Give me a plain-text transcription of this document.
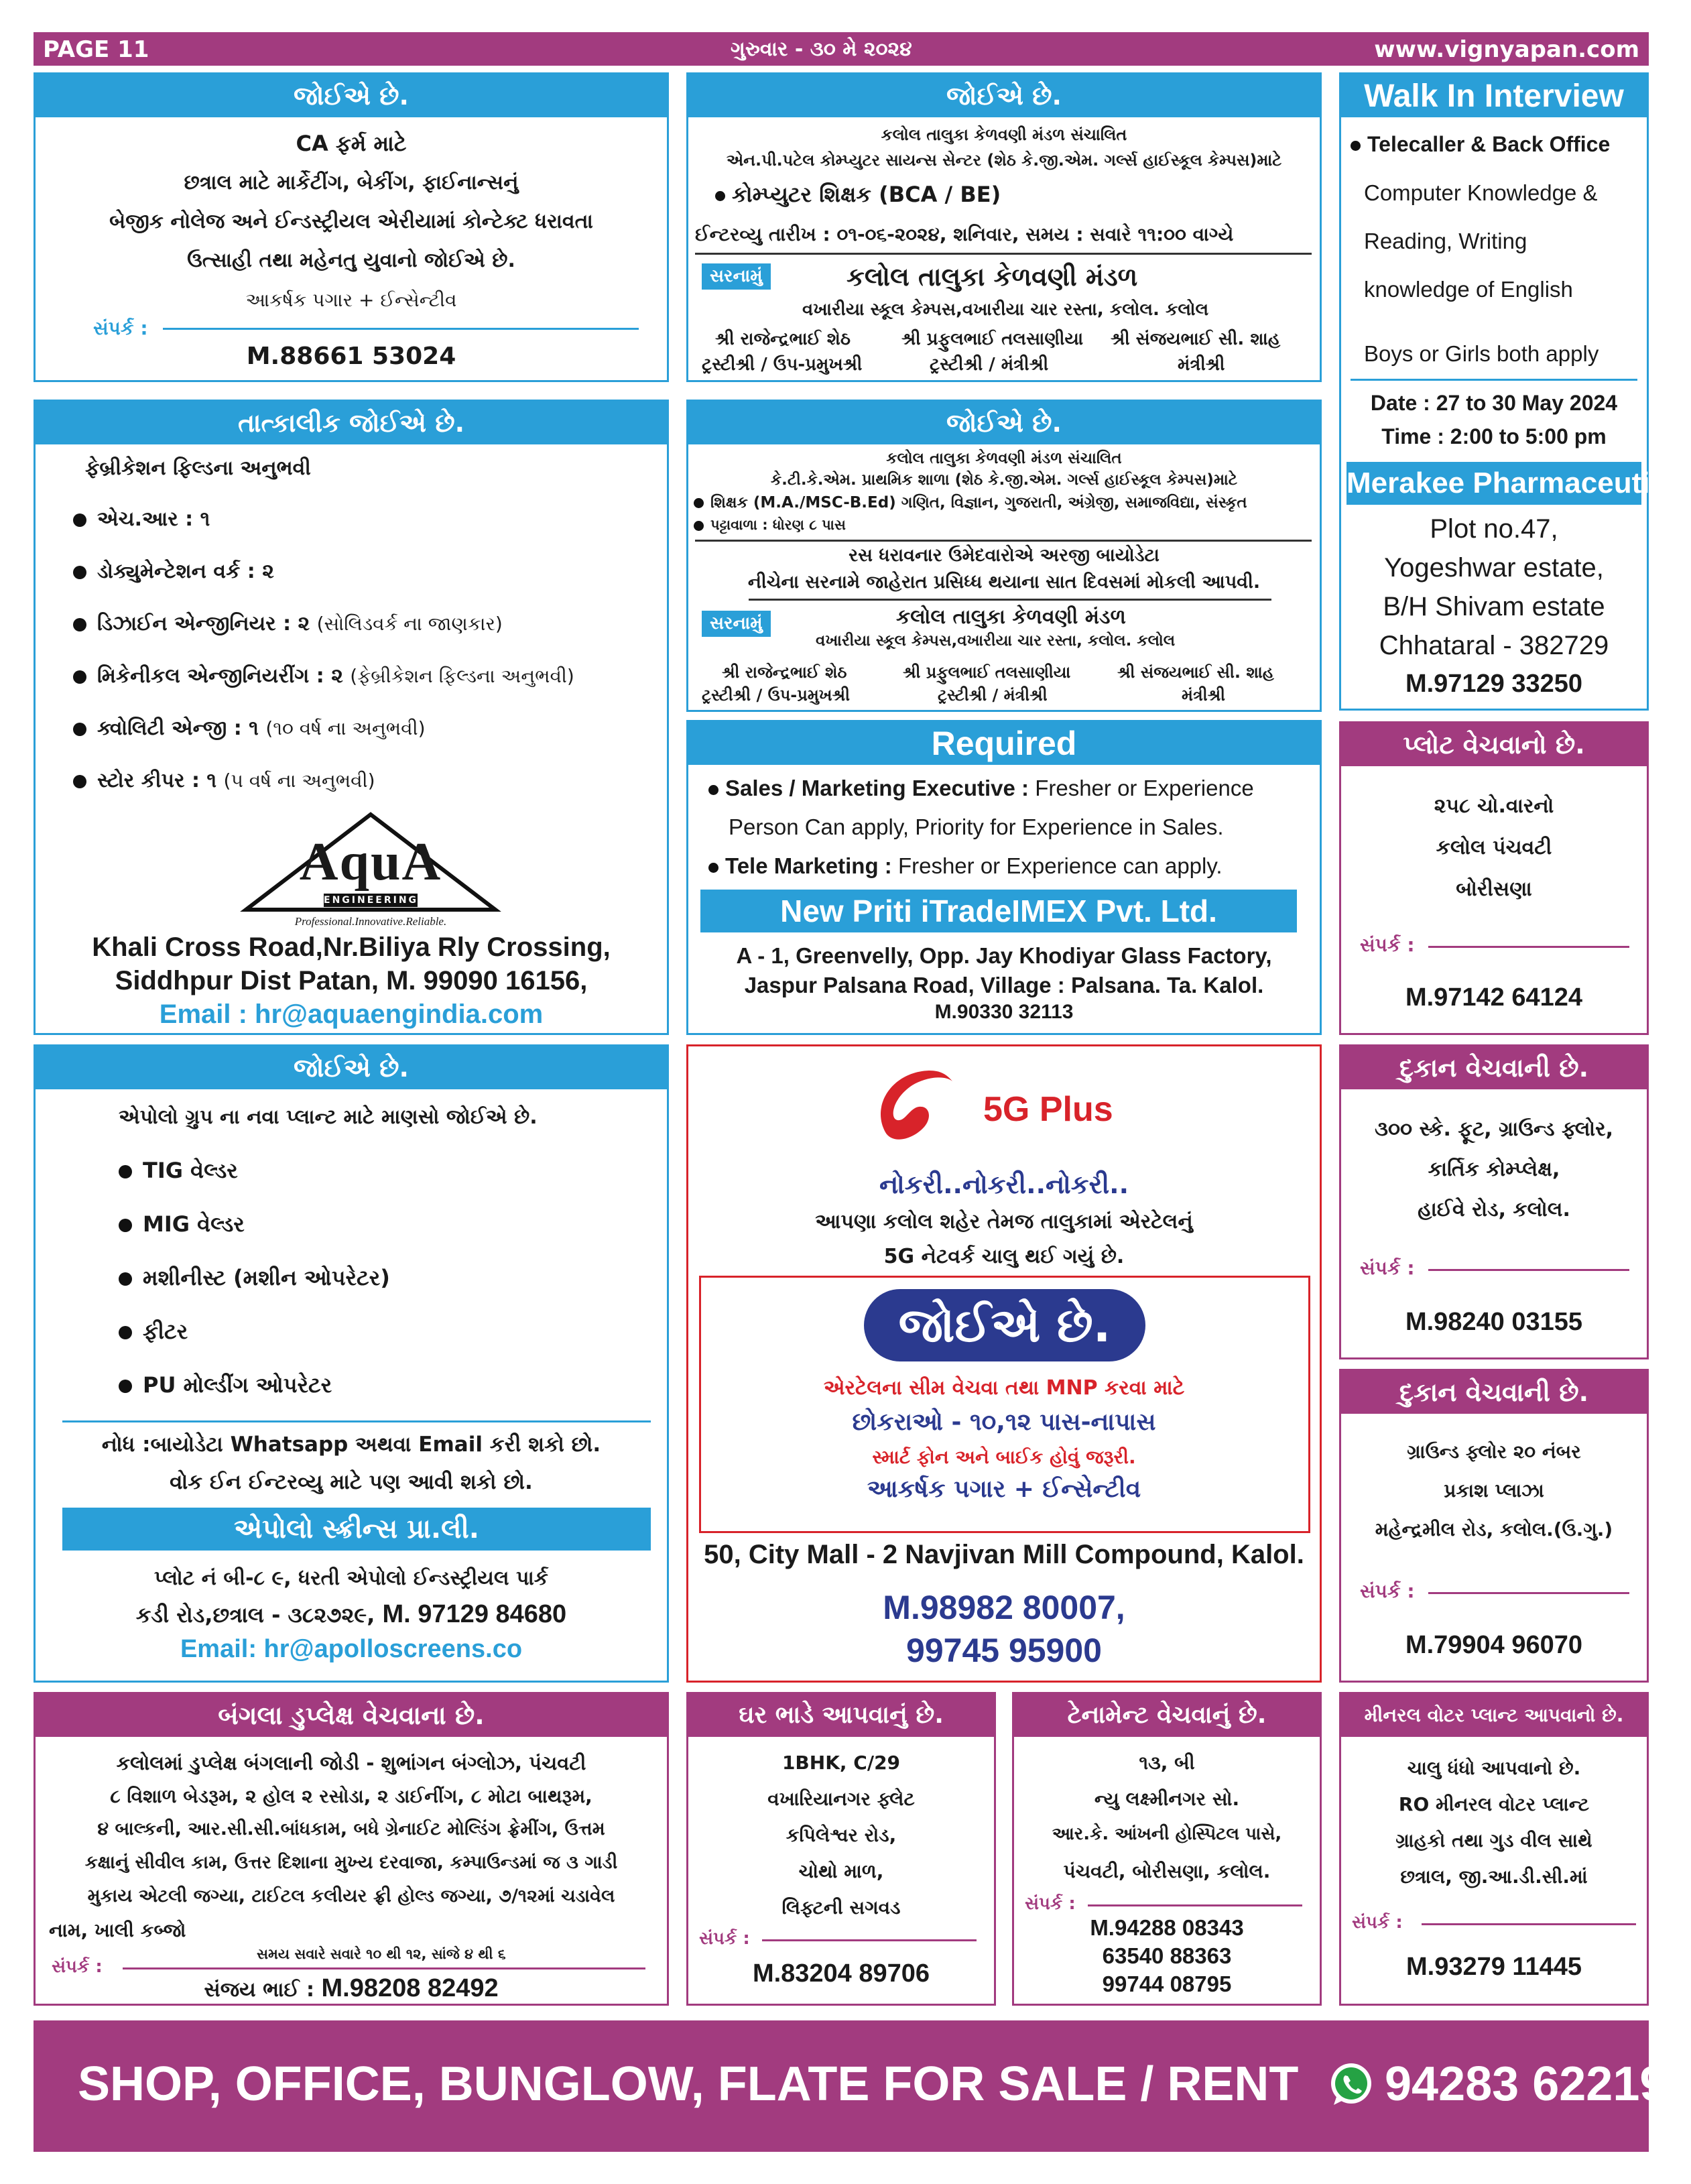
PAGE 11	ગુરુવાર - ૩૦ મે ૨૦૨૪	www.vignyapan.com
જોઈએ છે.
CA ફર્મ માટે
છત્રાલ માટે માર્કેટીંગ, બેકીંગ, ફાઈનાન્સનું
બેજીક નોલેજ અને ઈન્ડસ્ટ્રીયલ એરીયામાં કોન્ટેક્ટ ધરાવતા
ઉત્સાહી તથા મહેનતુ યુવાનો જોઈએ છે.
આકર્ષક પગાર + ઈન્સેન્ટીવ
સંપર્ક :
M.88661 53024
જોઈએ છે.
કલોલ તાલુકા કેળવણી મંડળ સંચાલિત
એન.પી.પટેલ કોમ્પ્યુટર સાયન્સ સેન્ટર (શેઠ કે.જી.એમ. ગર્લ્સ હાઈસ્કૂલ કેમ્પસ)માટે
કોમ્પ્યુટર શિક્ષક (BCA / BE)
ઈન્ટરવ્યુ તારીખ : ૦૧-૦૬-૨૦૨૪, શનિવાર, સમય : સવારે ૧૧:૦૦ વાગ્યે
સરનામું	કલોલ તાલુકા કેળવણી મંડળ
વખારીયા સ્કૂલ કેમ્પસ,વખારીયા ચાર રસ્તા, કલોલ. કલોલ
શ્રી રાજેન્દ્રભાઈ શેઠ
ટ્રસ્ટીશ્રી / ઉપ-પ્રમુખશ્રી
શ્રી પ્રફુલભાઈ તલસાણીયા
ટ્રસ્ટીશ્રી / મંત્રીશ્રી
શ્રી સંજયભાઈ સી. શાહ
મંત્રીશ્રી
Walk In Interview
Telecaller & Back Office
Computer Knowledge &
Reading, Writing
knowledge of English
Boys or Girls both apply
Date : 27 to 30 May 2024
Time : 2:00 to 5:00 pm
Merakee Pharmaceutical
Plot no.47,
Yogeshwar estate,
B/H Shivam estate
Chhataral - 382729
M.97129 33250
તાત્કાલીક જોઈએ છે.
ફેબ્રીકેશન ફિલ્ડના અનુભવી
એચ.આર : ૧
ડોક્યુમેન્ટેશન વર્ક : ૨
ડિઝાઈન એન્જીનિયર : ૨ (સોલિડવર્ક ના જાણકાર)
મિકેનીકલ એન્જીનિયરીંગ : ૨ (ફેબ્રીકેશન ફિલ્ડના અનુભવી)
ક્વોલિટી એન્જી : ૧ (૧૦ વર્ષ ના અનુભવી)
સ્ટોર કીપર : ૧ (૫ વર્ષ ના અનુભવી)
AquA
ENGINEERING
Professional.Innovative.Reliable.
Khali Cross Road,Nr.Biliya Rly Crossing,
Siddhpur Dist Patan, M. 99090 16156,
Email : hr@aquaengindia.com
જોઈએ છે.
કલોલ તાલુકા કેળવણી મંડળ સંચાલિત
કે.ટી.કે.એમ. પ્રાથમિક શાળા (શેઠ કે.જી.એમ. ગર્લ્સ હાઈસ્કૂલ કેમ્પસ)માટે
શિક્ષક (M.A./MSC-B.Ed) ગણિત, વિજ્ઞાન, ગુજરાતી, અંગ્રેજી, સમાજવિદ્યા, સંસ્કૃત
પટ્ટાવાળા : ધોરણ ૮ પાસ
રસ ધરાવનાર ઉમેદવારોએ અરજી બાયોડેટા
નીચેના સરનામે જાહેરાત પ્રસિધ્ધ થયાના સાત દિવસમાં મોકલી આપવી.
સરનામું	કલોલ તાલુકા કેળવણી મંડળ
વખારીયા સ્કૂલ કેમ્પસ,વખારીયા ચાર રસ્તા, કલોલ. કલોલ
શ્રી રાજેન્દ્રભાઈ શેઠ
ટ્રસ્ટીશ્રી / ઉપ-પ્રમુખશ્રી
શ્રી પ્રફુલભાઈ તલસાણીયા
ટ્રસ્ટીશ્રી / મંત્રીશ્રી
શ્રી સંજયભાઈ સી. શાહ
મંત્રીશ્રી
Required
Sales / Marketing Executive : Fresher or Experience
Person Can apply, Priority for Experience in Sales.
Tele Marketing : Fresher or Experience can apply.
New Priti iTradeIMEX Pvt. Ltd.
A - 1, Greenvelly, Opp. Jay Khodiyar Glass Factory,
Jaspur Palsana Road, Village : Palsana. Ta. Kalol.
M.90330 32113
પ્લોટ વેચવાનો છે.
૨૫૮ ચો.વારનો
કલોલ પંચવટી
બોરીસણા
સંપર્ક :
M.97142 64124
જોઈએ છે.
એપોલો ગ્રુપ ના નવા પ્લાન્ટ માટે માણસો જોઈએ છે.
TIG વેલ્ડર
MIG વેલ્ડર
મશીનીસ્ટ (મશીન ઓપરેટર)
ફીટર
PU મોલ્ડીંગ ઓપરેટર
નોધ :બાયોડેટા Whatsapp અથવા Email કરી શકો છો.
વોક ઈન ઈન્ટરવ્યુ માટે પણ આવી શકો છો.
એપોલો સ્ક્રીન્સ પ્રા.લી.
પ્લોટ નં બી-૮ ૯, ધરતી એપોલો ઈન્ડસ્ટ્રીયલ પાર્ક
કડી રોડ,છત્રાલ - ૩૮૨૭૨૯, M. 97129 84680
Email: hr@apolloscreens.co
5G Plus
નોકરી..નોકરી..નોકરી..
આપણા કલોલ શહેર તેમજ તાલુકામાં એરટેલનું
5G નેટવર્ક ચાલુ થઈ ગયું છે.
જોઈએ છે.
એરટેલના સીમ વેચવા તથા MNP કરવા માટે
છોકરાઓ - ૧૦,૧૨ પાસ-નાપાસ
સ્માર્ટ ફોન અને બાઈક હોવું જરૂરી.
આકર્ષક પગાર + ઈન્સેન્ટીવ
50, City Mall - 2 Navjivan Mill Compound, Kalol.
M.98982 80007,
99745 95900
દુકાન વેચવાની છે.
૩૦૦ સ્કે. ફૂટ, ગ્રાઉન્ડ ફ્લોર,
કાર્તિક કોમ્પ્લેક્ષ,
હાઈવે રોડ, કલોલ.
સંપર્ક :
M.98240 03155
દુકાન વેચવાની છે.
ગ્રાઉન્ડ ફ્લોર ૨૦ નંબર
પ્રકાશ પ્લાઝા
મહેન્દ્રમીલ રોડ, કલોલ.(ઉ.ગુ.)
સંપર્ક :
M.79904 96070
બંગલા ડુપ્લેક્ષ વેચવાના છે.
કલોલમાં ડુપ્લેક્ષ બંગલાની જોડી - શુભાંગન બંગ્લોઝ, પંચવટી
૮ વિશાળ બેડરૂમ, ૨ હોલ ૨ રસોડા, ૨ ડાઈનીંગ, ૮ મોટા બાથરૂમ,
૪ બાલ્કની, આર.સી.સી.બાંધકામ, બધે ગ્રેનાઈટ મોલ્ડિંગ ફ્રેમીંગ, ઉત્તમ
કક્ષાનું સીવીલ કામ, ઉત્તર દિશાના મુખ્ય દરવાજા, કમ્પાઉન્ડમાં જ ૩ ગાડી
મુકાય એટલી જગ્યા, ટાઈટલ કલીયર ફ્રી હોલ્ડ જગ્યા, ૭/૧૨માં ચડાવેલ
નામ, ખાલી કબ્જો
સમય સવારે સવારે ૧૦ થી ૧૨, સાંજે ૪ થી ૬
સંપર્ક :
સંજય ભાઈ : M.98208 82492
ઘર ભાડે આપવાનું છે.
1BHK, C/29
વખારિયાનગર ફ્લેટ
કપિલેશ્વર રોડ,
ચોથો માળ,
લિફ્ટની સગવડ
સંપર્ક :
M.83204 89706
ટેનામેન્ટ વેચવાનું છે.
૧૩, બી
ન્યુ લક્ષ્મીનગર સો.
આર.કે. આંખની હોસ્પિટલ પાસે,
પંચવટી, બોરીસણા, કલોલ.
સંપર્ક :
M.94288 08343
63540 88363
99744 08795
મીનરલ વોટર પ્લાન્ટ આપવાનો છે.
ચાલુ ધંધો આપવાનો છે.
RO મીનરલ વોટર પ્લાન્ટ
ગ્રાહકો તથા ગુડ વીલ સાથે
છત્રાલ, જી.આ.ડી.સી.માં
સંપર્ક :
M.93279 11445
SHOP, OFFICE, BUNGLOW, FLATE FOR SALE / RENT 94283 62219
